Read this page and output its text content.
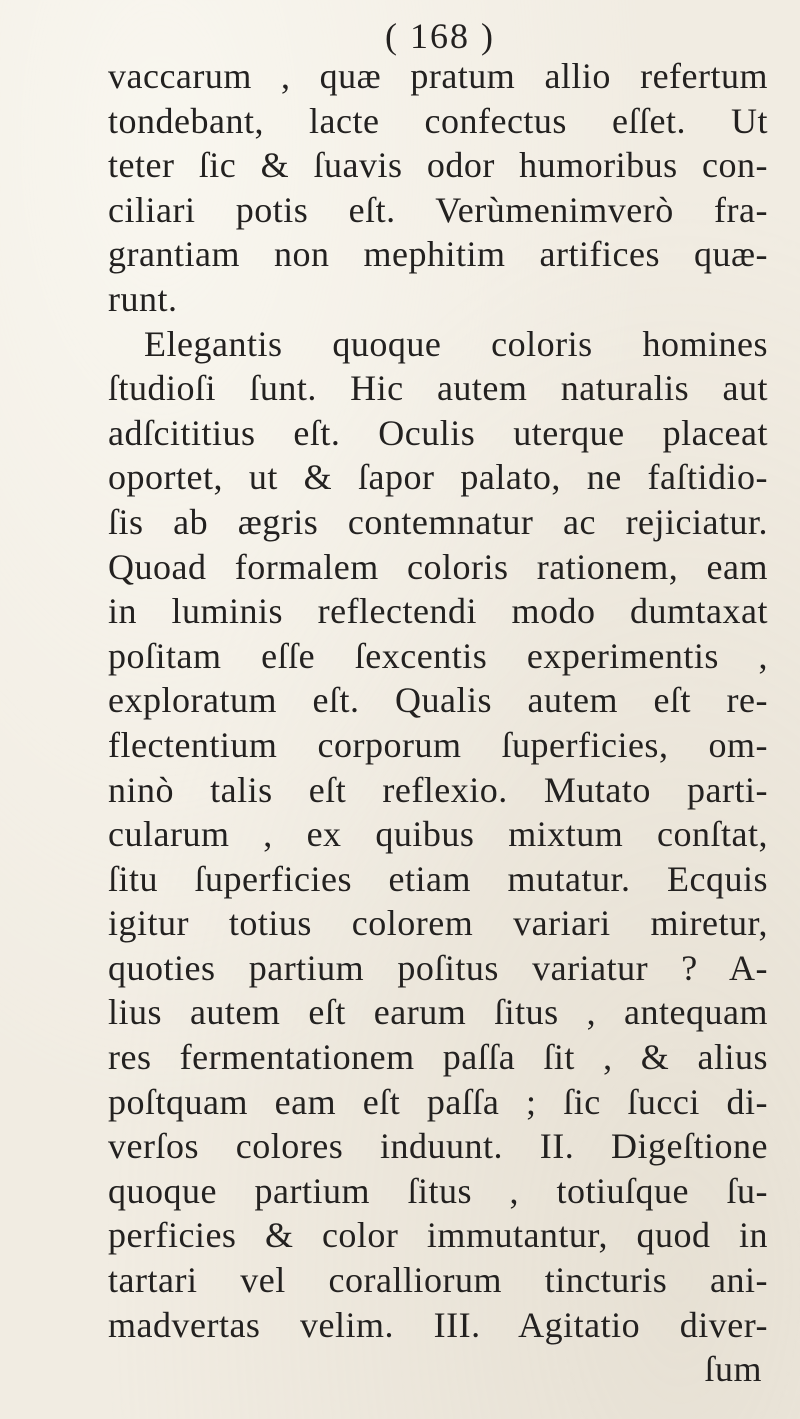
( 168 )
vaccarum , quæ pratum allio refertum
tondebant, lacte confectus eſſet. Ut
teter ſic & ſuavis odor humoribus con-
ciliari potis eſt. Verùmenimverò fra-
grantiam non mephitim artifices quæ-
runt.
Elegantis quoque coloris homines
ſtudioſi ſunt. Hic autem naturalis aut
adſcititius eſt. Oculis uterque placeat
oportet, ut & ſapor palato, ne faſtidio-
ſis ab ægris contemnatur ac rejiciatur.
Quoad formalem coloris rationem, eam
in luminis reflectendi modo dumtaxat
poſitam eſſe ſexcentis experimentis ,
exploratum eſt. Qualis autem eſt re-
flectentium corporum ſuperficies, om-
ninò talis eſt reflexio. Mutato parti-
cularum , ex quibus mixtum conſtat,
ſitu ſuperficies etiam mutatur. Ecquis
igitur totius colorem variari miretur,
quoties partium poſitus variatur ? A-
lius autem eſt earum ſitus , antequam
res fermentationem paſſa ſit , & alius
poſtquam eam eſt paſſa ; ſic ſucci di-
verſos colores induunt. II. Digeſtione
quoque partium ſitus , totiuſque ſu-
perficies & color immutantur, quod in
tartari vel coralliorum tincturis ani-
madvertas velim. III. Agitatio diver-
ſum
